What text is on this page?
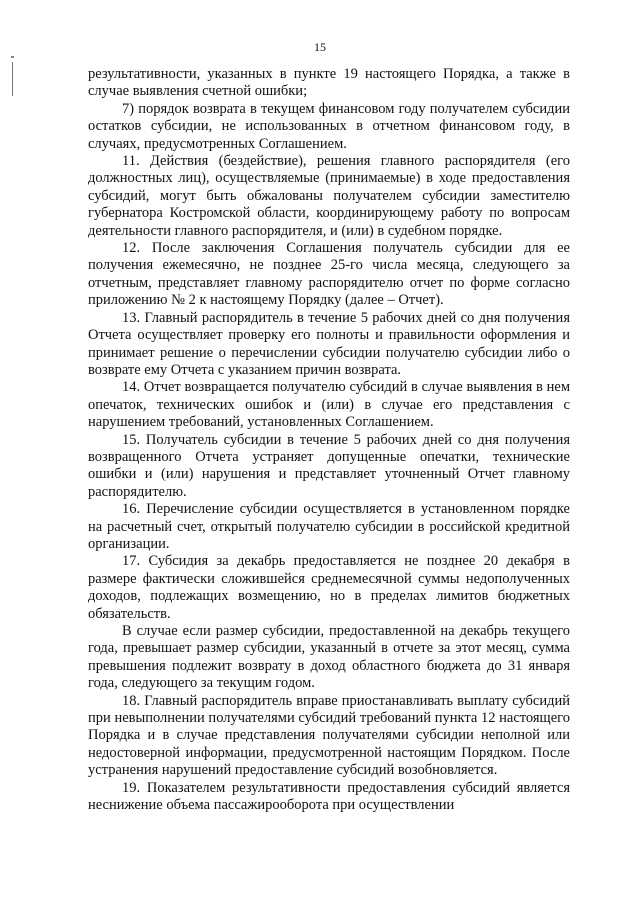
15

результативности, указанных в пункте 19 настоящего Порядка, а также в случае выявления счетной ошибки;

7) порядок возврата в текущем финансовом году получателем субсидии остатков субсидии, не использованных в отчетном финансовом году, в случаях, предусмотренных Соглашением.

11. Действия (бездействие), решения главного распорядителя (его должностных лиц), осуществляемые (принимаемые) в ходе предоставления субсидий, могут быть обжалованы получателем субсидии заместителю губернатора Костромской области, координирующему работу по вопросам деятельности главного распорядителя, и (или) в судебном порядке.

12. После заключения Соглашения получатель субсидии для ее получения ежемесячно, не позднее 25-го числа месяца, следующего за отчетным, представляет главному распорядителю отчет по форме согласно приложению № 2 к настоящему Порядку (далее – Отчет).

13. Главный распорядитель в течение 5 рабочих дней со дня получения Отчета осуществляет проверку его полноты и правильности оформления и принимает решение о перечислении субсидии получателю субсидии либо о возврате ему Отчета с указанием причин возврата.

14. Отчет возвращается получателю субсидий в случае выявления в нем опечаток, технических ошибок и (или) в случае его представления с нарушением требований, установленных Соглашением.

15. Получатель субсидии в течение 5 рабочих дней со дня получения возвращенного Отчета устраняет допущенные опечатки, технические ошибки и (или) нарушения и представляет уточненный Отчет главному распорядителю.

16. Перечисление субсидии осуществляется в установленном порядке на расчетный счет, открытый получателю субсидии в российской кредитной организации.

17. Субсидия за декабрь предоставляется не позднее 20 декабря в размере фактически сложившейся среднемесячной суммы недополученных доходов, подлежащих возмещению, но в пределах лимитов бюджетных обязательств.

В случае если размер субсидии, предоставленной на декабрь текущего года, превышает размер субсидии, указанный в отчете за этот месяц, сумма превышения подлежит возврату в доход областного бюджета до 31 января года, следующего за текущим годом.

18. Главный распорядитель вправе приостанавливать выплату субсидий при невыполнении получателями субсидий требований пункта 12 настоящего Порядка и в случае представления получателями субсидии неполной или недостоверной информации, предусмотренной настоящим Порядком. После устранения нарушений предоставление субсидий возобновляется.

19. Показателем результативности предоставления субсидий является неснижение объема пассажирооборота при осуществлении
